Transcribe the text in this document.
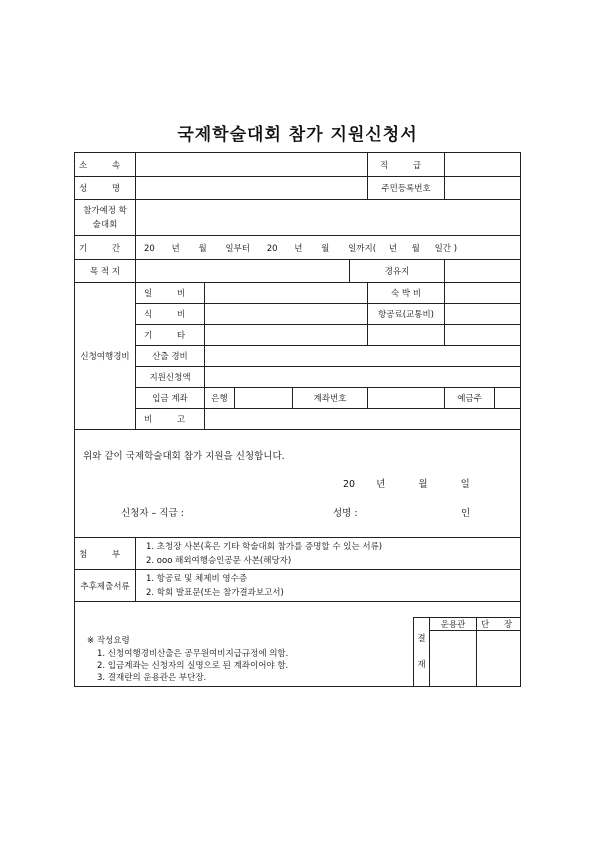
국제학술대회 참가 지원신청서
소 속		직 급	
성 명		주민등록번호	

참가예정 학
술대회

기 간	20 년 월 일부터 20 년 월 일까지( 년 월 일간 )
목 적 지		경유지	
신청여행경비	일 비		숙 박 비	
식 비		항공료(교통비)	
기 타			
산출 경비	
지원신청액	
입금 계좌	은행		계좌번호		예금주	
비 고	

위와 같이 국제학술대회 참가 지원을 신청합니다.
20 년	월	일
신청자 – 직급 :	성명 :	인

첨 부	
1. 초청장 사본(혹은 기타 학술대회 참가를 증명할 수 있는 서류)
2. ooo 해외여행승인공문 사본(해당자)

추후제출서류	
1. 항공료 및 체제비 영수증
2. 학회 발표문(또는 참가결과보고서)

※ 작성요령
1. 신청여행경비산출은 공무원여비지급규정에 의함.
2. 입금계좌는 신청자의 실명으로 된 계좌이어야 함.
3. 결재란의 운용관은 부단장.
결
재
	운용관	단 장
